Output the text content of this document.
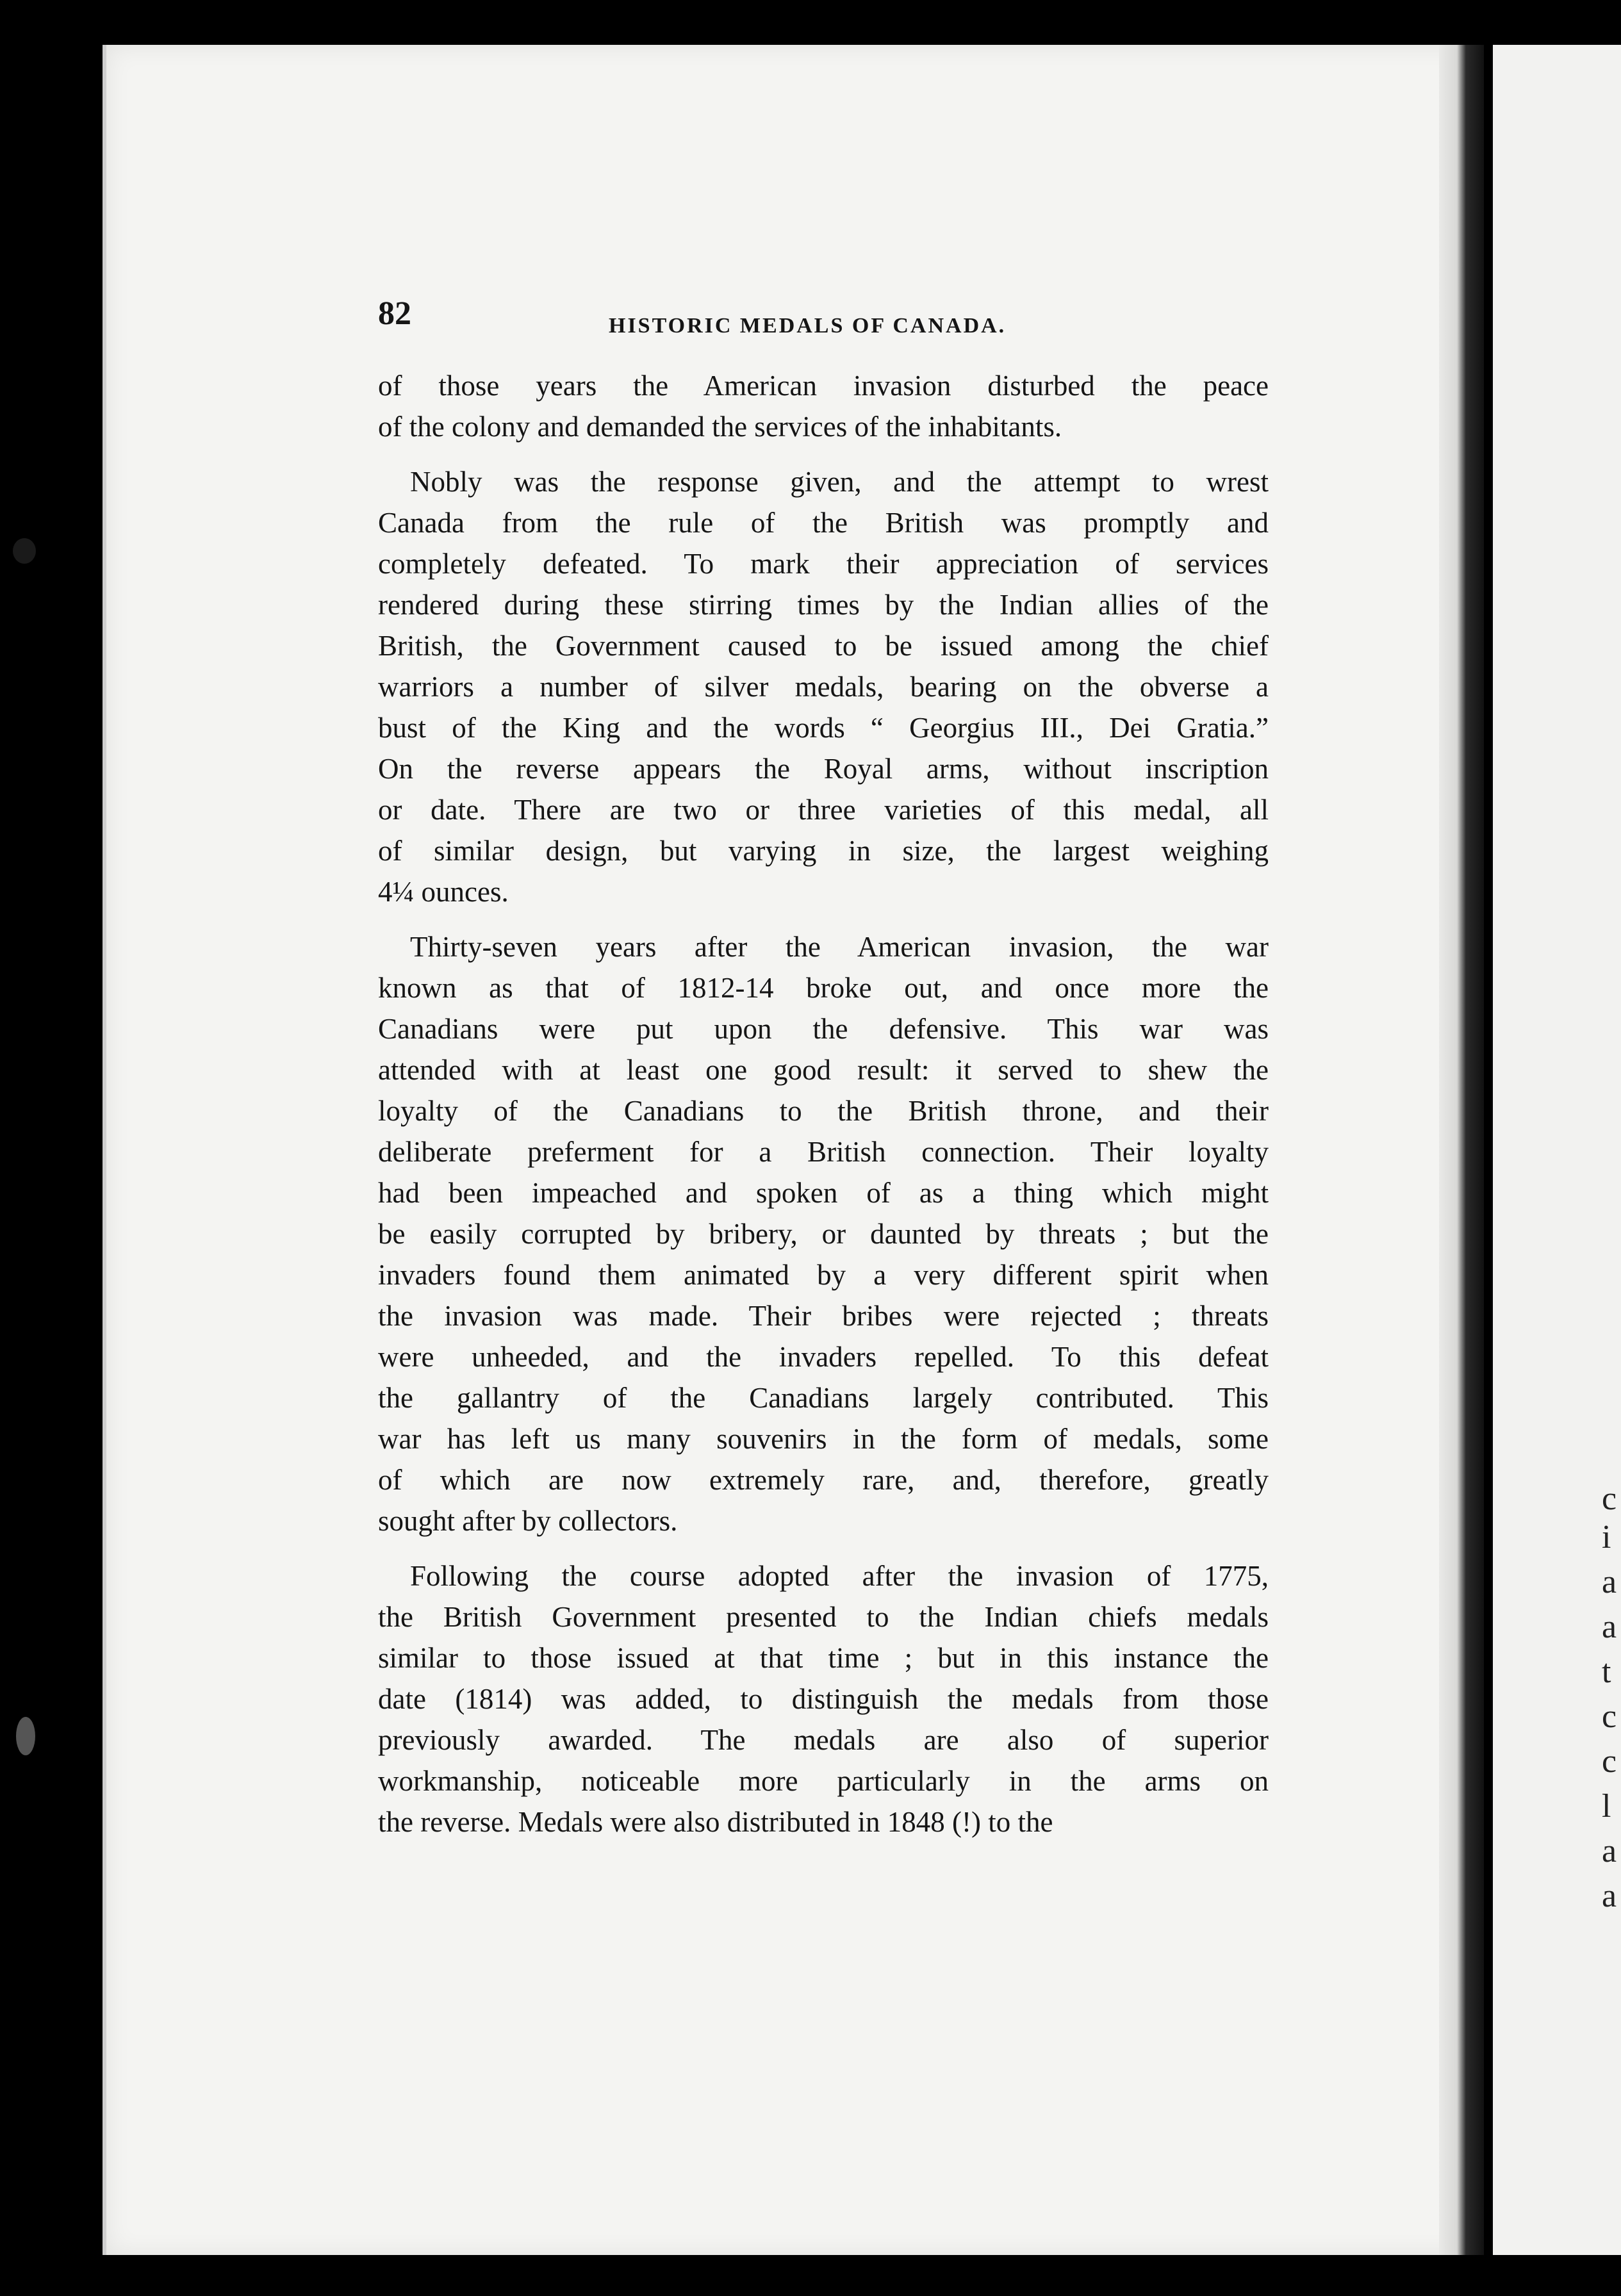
c
i
a
a
t
c
c
l
a
a
82	HISTORIC MEDALS OF CANADA.

of those years the American invasion disturbed the peace

of the colony and demanded the services of the inhabitants.

Nobly was the response given, and the attempt to wrest

Canada from the rule of the British was promptly and

completely defeated. To mark their appreciation of services

rendered during these stirring times by the Indian allies of the

British, the Government caused to be issued among the chief

warriors a number of silver medals, bearing on the obverse a

bust of the King and the words “ Georgius III., Dei Gratia.”

On the reverse appears the Royal arms, without inscription

or date. There are two or three varieties of this medal, all

of similar design, but varying in size, the largest weighing

4¼ ounces.

Thirty-seven years after the American invasion, the war

known as that of 1812-14 broke out, and once more the

Canadians were put upon the defensive. This war was

attended with at least one good result: it served to shew the

loyalty of the Canadians to the British throne, and their

deliberate preferment for a British connection. Their loyalty

had been impeached and spoken of as a thing which might

be easily corrupted by bribery, or daunted by threats ; but the

invaders found them animated by a very different spirit when

the invasion was made. Their bribes were rejected ; threats

were unheeded, and the invaders repelled. To this defeat

the gallantry of the Canadians largely contributed. This

war has left us many souvenirs in the form of medals, some

of which are now extremely rare, and, therefore, greatly

sought after by collectors.

Following the course adopted after the invasion of 1775,

the British Government presented to the Indian chiefs medals

similar to those issued at that time ; but in this instance the

date (1814) was added, to distinguish the medals from those

previously awarded. The medals are also of superior

workmanship, noticeable more particularly in the arms on

the reverse. Medals were also distributed in 1848 (!) to the
